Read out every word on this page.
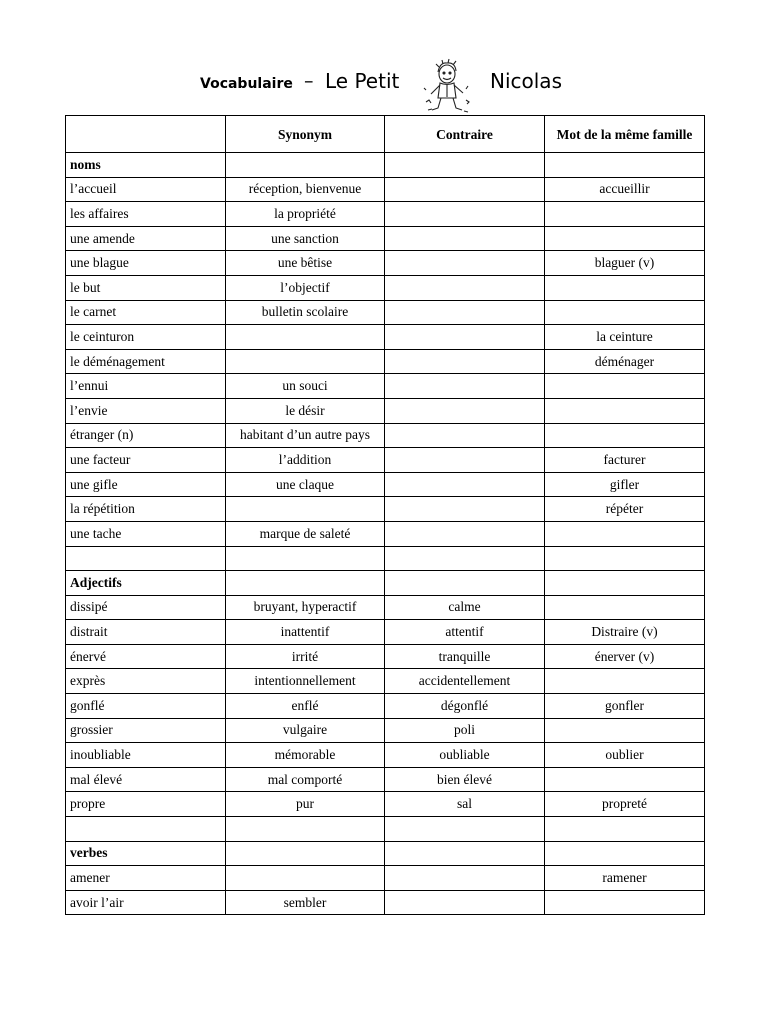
Vocabulaire – Le Petit	Nicolas
	Synonym	Contraire	Mot de la même famille
noms			
l’accueil	réception, bienvenue		accueillir
les affaires	la propriété		
une amende	une sanction		
une blague	une bêtise		blaguer (v)
le but	l’objectif		
le carnet	bulletin scolaire		
le ceinturon			la ceinture
le déménagement			déménager
l’ennui	un souci		
l’envie	le désir		
étranger (n)	habitant d’un autre pays		
une facteur	l’addition		facturer
une gifle	une claque		gifler
la répétition			répéter
une tache	marque de saleté		

Adjectifs			
dissipé	bruyant, hyperactif	calme	
distrait	inattentif	attentif	Distraire (v)
énervé	irrité	tranquille	énerver (v)
exprès	intentionnellement	accidentellement	
gonflé	enflé	dégonflé	gonfler
grossier	vulgaire	poli	
inoubliable	mémorable	oubliable	oublier
mal élevé	mal comporté	bien élevé	
propre	pur	sal	propreté

verbes			
amener			ramener
avoir l’air	sembler		
